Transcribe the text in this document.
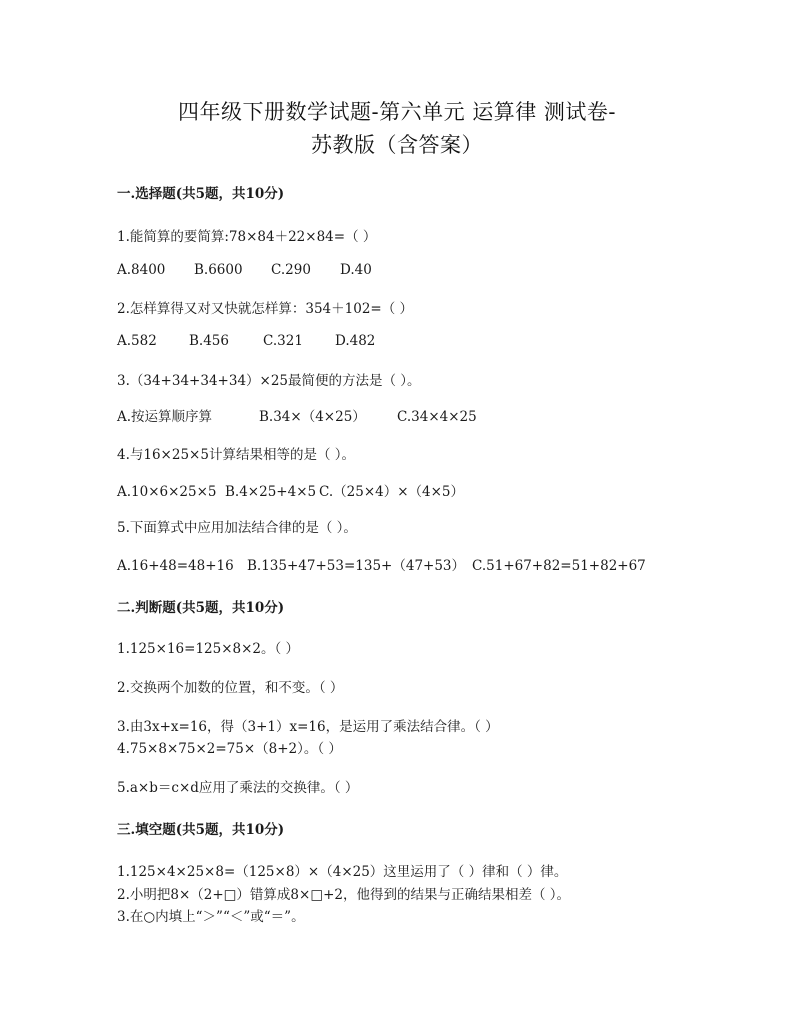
四年级下册数学试题-第六单元 运算律 测试卷-
苏教版（含答案）
一.选择题(共5题，共10分)
1.能简算的要简算:78×84＋22×84=（ ）
A.8400 B.6600 C.290 D.40
2.怎样算得又对又快就怎样算：354＋102=（ ）
A.582 B.456	C.321 D.482
3.（34+34+34+34）×25最简便的方法是（ ）。
A.按运算顺序算	B.34×（4×25） C.34×4×25
4.与16×25×5计算结果相等的是（ ）。
A.10×6×25×5 B.4×25+4×5 C.（25×4）×（4×5）
5.下面算式中应用加法结合律的是（ ）。
A.16+48=48+16 B.135+47+53=135+（47+53） C.51+67+82=51+82+67
二.判断题(共5题，共10分)
1.125×16=125×8×2。（ ）
2.交换两个加数的位置，和不变。（ ）
3.由3x+x=16，得（3+1）x=16，是运用了乘法结合律。（ ）
4.75×8×75×2=75×（8+2）。（ ）
5.a×b＝c×d应用了乘法的交换律。（ ）
三.填空题(共5题，共10分)
1.125×4×25×8=（125×8）×（4×25）这里运用了（ ）律和（ ）律。
2.小明把8×（2+□）错算成8×□+2，他得到的结果与正确结果相差（ ）。
3.在○内填上“＞”“＜”或“＝”。
